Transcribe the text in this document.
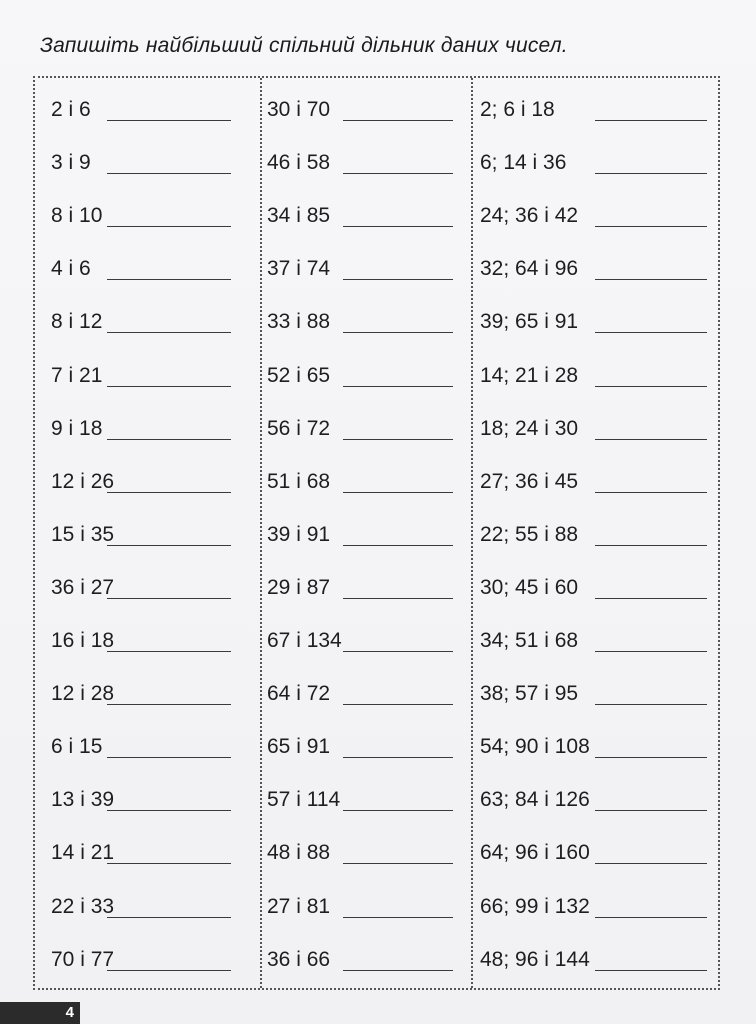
Запишіть найбільший спільний дільник даних чисел.
2 і 6
3 і 9
8 і 10
4 і 6
8 і 12
7 і 21
9 і 18
12 і 26
15 і 35
36 і 27
16 і 18
12 і 28
6 і 15
13 і 39
14 і 21
22 і 33
70 і 77
30 і 70
46 і 58
34 і 85
37 і 74
33 і 88
52 і 65
56 і 72
51 і 68
39 і 91
29 і 87
67 і 134
64 і 72
65 і 91
57 і 114
48 і 88
27 і 81
36 і 66
2; 6 і 18
6; 14 і 36
24; 36 і 42
32; 64 і 96
39; 65 і 91
14; 21 і 28
18; 24 і 30
27; 36 і 45
22; 55 і 88
30; 45 і 60
34; 51 і 68
38; 57 і 95
54; 90 і 108
63; 84 і 126
64; 96 і 160
66; 99 і 132
48; 96 і 144
4
